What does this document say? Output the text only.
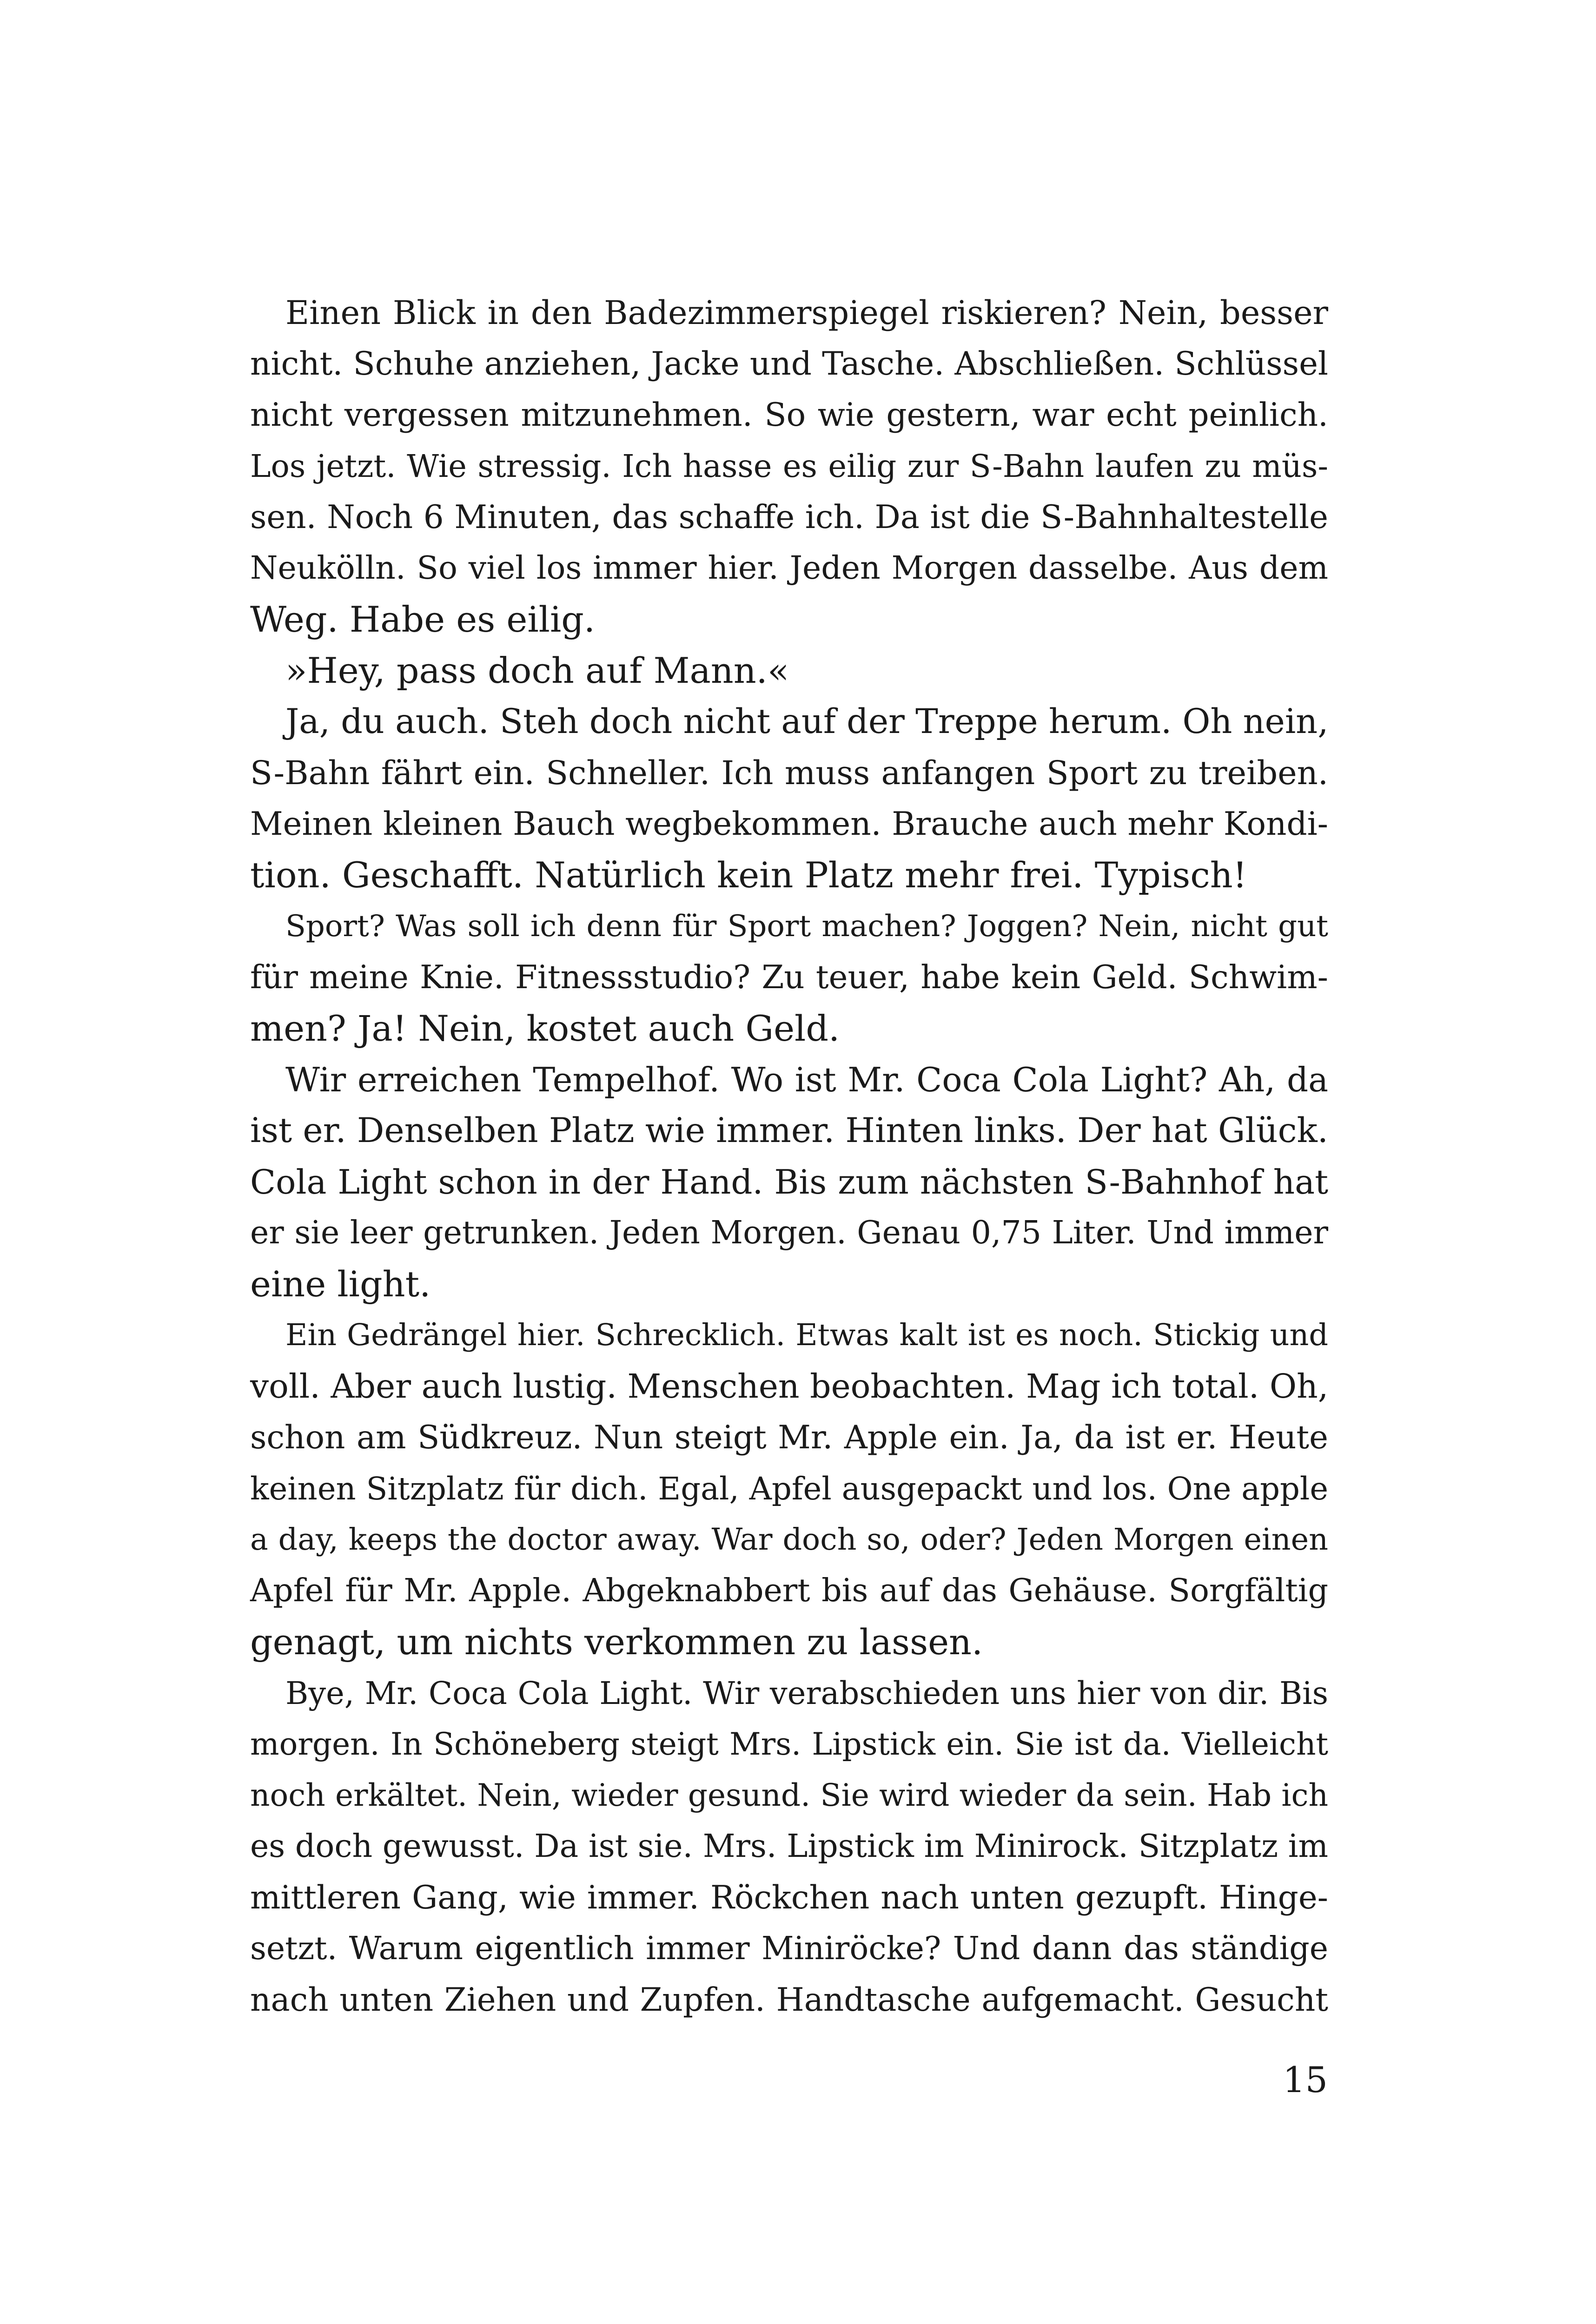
Einen Blick in den Badezimmerspiegel riskieren? Nein, besser
nicht. Schuhe anziehen, Jacke und Tasche. Abschließen. Schlüssel
nicht vergessen mitzunehmen. So wie gestern, war echt peinlich.
Los jetzt. Wie stressig. Ich hasse es eilig zur S-Bahn laufen zu müs-
sen. Noch 6 Minuten, das schaffe ich. Da ist die S-Bahnhaltestelle
Neukölln. So viel los immer hier. Jeden Morgen dasselbe. Aus dem
Weg. Habe es eilig.
»Hey, pass doch auf Mann.«
Ja, du auch. Steh doch nicht auf der Treppe herum. Oh nein,
S-Bahn fährt ein. Schneller. Ich muss anfangen Sport zu treiben.
Meinen kleinen Bauch wegbekommen. Brauche auch mehr Kondi-
tion. Geschafft. Natürlich kein Platz mehr frei. Typisch!
Sport? Was soll ich denn für Sport machen? Joggen? Nein, nicht gut
für meine Knie. Fitnessstudio? Zu teuer, habe kein Geld. Schwim-
men? Ja! Nein, kostet auch Geld.
Wir erreichen Tempelhof. Wo ist Mr. Coca Cola Light? Ah, da
ist er. Denselben Platz wie immer. Hinten links. Der hat Glück.
Cola Light schon in der Hand. Bis zum nächsten S-Bahnhof hat
er sie leer getrunken. Jeden Morgen. Genau 0,75 Liter. Und immer
eine light.
Ein Gedrängel hier. Schrecklich. Etwas kalt ist es noch. Stickig und
voll. Aber auch lustig. Menschen beobachten. Mag ich total. Oh,
schon am Südkreuz. Nun steigt Mr. Apple ein. Ja, da ist er. Heute
keinen Sitzplatz für dich. Egal, Apfel ausgepackt und los. One apple
a day, keeps the doctor away. War doch so, oder? Jeden Morgen einen
Apfel für Mr. Apple. Abgeknabbert bis auf das Gehäuse. Sorgfältig
genagt, um nichts verkommen zu lassen.
Bye, Mr. Coca Cola Light. Wir verabschieden uns hier von dir. Bis
morgen. In Schöneberg steigt Mrs. Lipstick ein. Sie ist da. Vielleicht
noch erkältet. Nein, wieder gesund. Sie wird wieder da sein. Hab ich
es doch gewusst. Da ist sie. Mrs. Lipstick im Minirock. Sitzplatz im
mittleren Gang, wie immer. Röckchen nach unten gezupft. Hinge-
setzt. Warum eigentlich immer Miniröcke? Und dann das ständige
nach unten Ziehen und Zupfen. Handtasche aufgemacht. Gesucht
15
